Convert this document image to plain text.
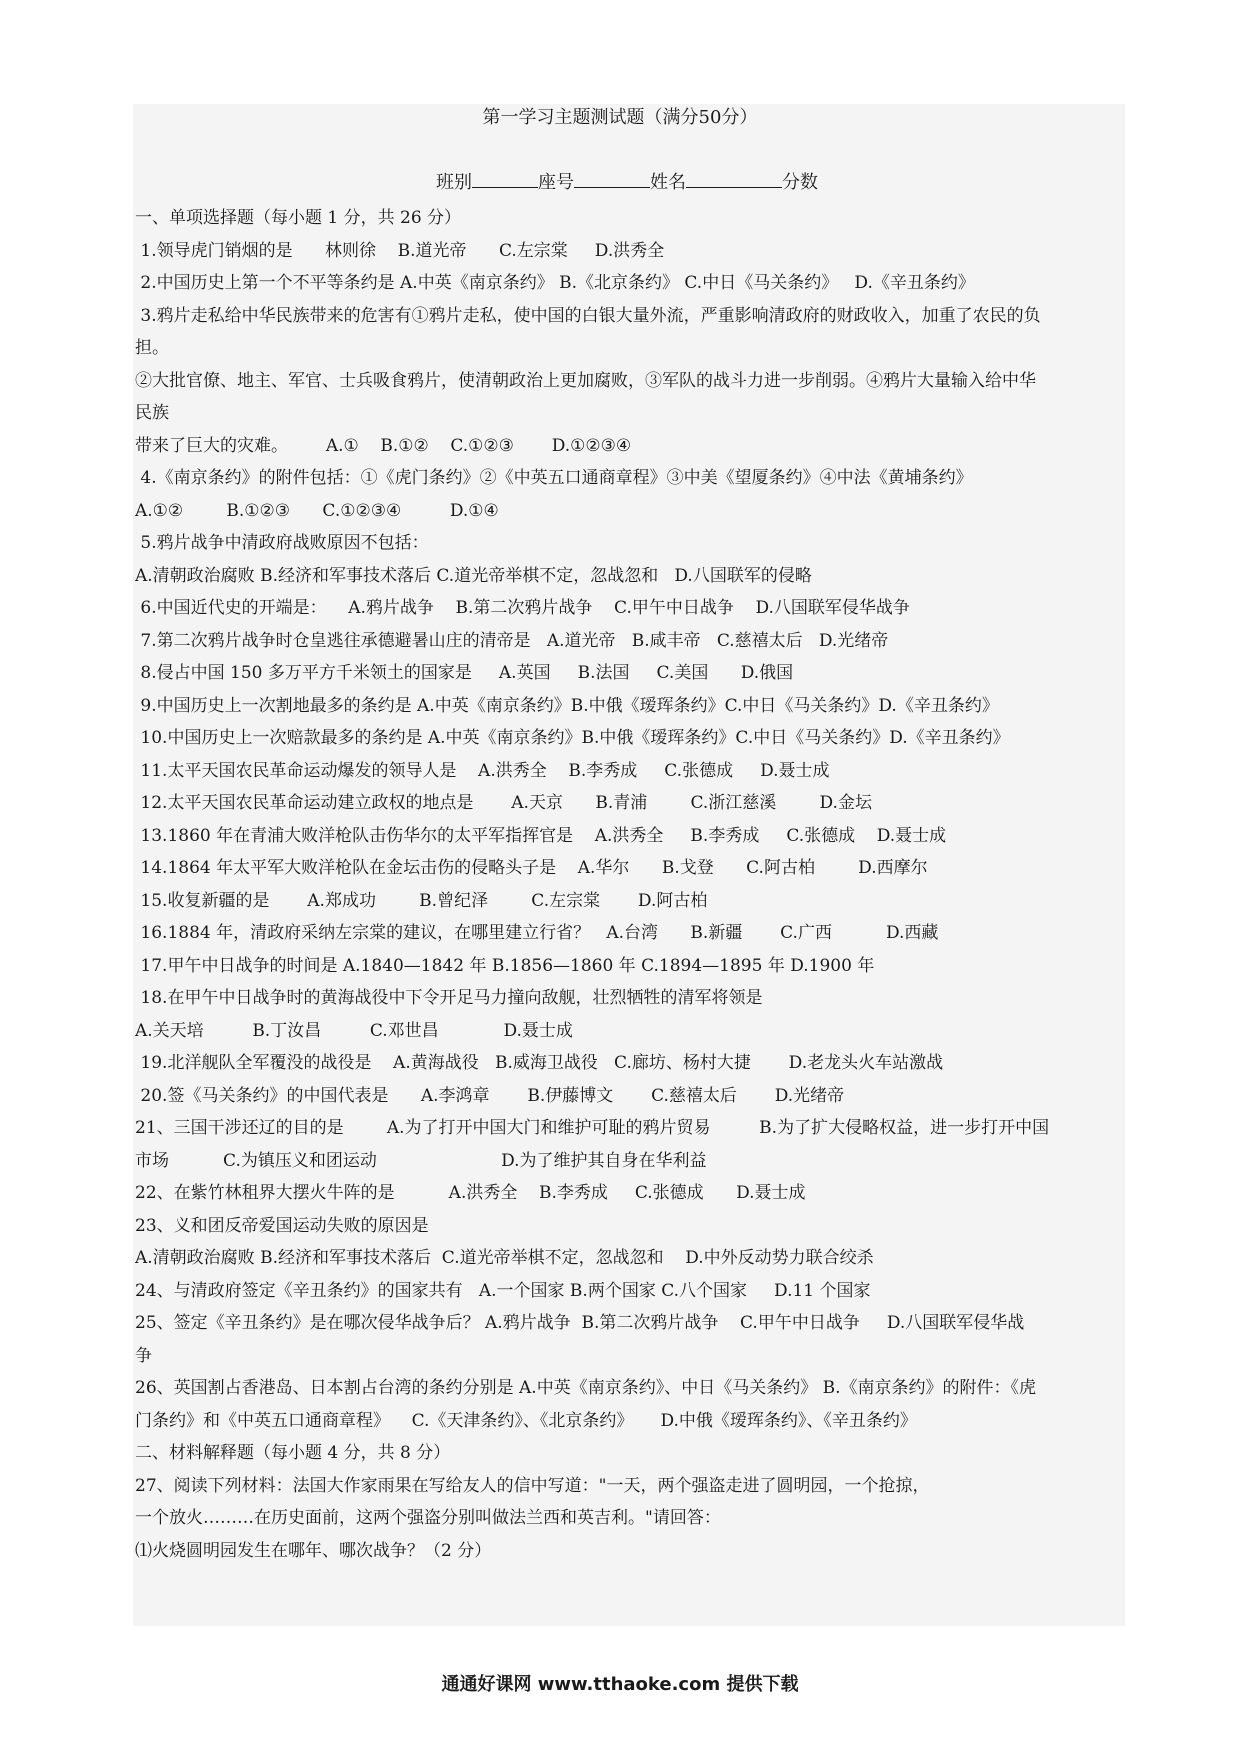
第一学习主题测试题（满分50分）
班别	座号	姓名	分数
一、单项选择题（每小题 1 分，共 26 分）
1.领导虎门销烟的是      林则徐    B.道光帝      C.左宗棠     D.洪秀全
2.中国历史上第一个不平等条约是 A.中英《南京条约》 B.《北京条约》 C.中日《马关条约》   D.《辛丑条约》
3.鸦片走私给中华民族带来的危害有①鸦片走私，使中国的白银大量外流，严重影响清政府的财政收入，加重了农民的负
担。
②大批官僚、地主、军官、士兵吸食鸦片，使清朝政治上更加腐败，③军队的战斗力进一步削弱。④鸦片大量输入给中华
民族
带来了巨大的灾难。       A.①    B.①②    C.①②③       D.①②③④
4.《南京条约》的附件包括：①《虎门条约》②《中英五口通商章程》③中美《望厦条约》④中法《黄埔条约》
A.①②        B.①②③      C.①②③④         D.①④
5.鸦片战争中清政府战败原因不包括：
A.清朝政治腐败 B.经济和军事技术落后 C.道光帝举棋不定，忽战忽和   D.八国联军的侵略
6.中国近代史的开端是：    A.鸦片战争    B.第二次鸦片战争    C.甲午中日战争    D.八国联军侵华战争
7.第二次鸦片战争时仓皇逃往承德避暑山庄的清帝是   A.道光帝   B.咸丰帝   C.慈禧太后   D.光绪帝
8.侵占中国 150 多万平方千米领土的国家是     A.英国     B.法国     C.美国      D.俄国
9.中国历史上一次割地最多的条约是 A.中英《南京条约》B.中俄《瑷珲条约》C.中日《马关条约》D.《辛丑条约》
10.中国历史上一次赔款最多的条约是 A.中英《南京条约》B.中俄《瑷珲条约》C.中日《马关条约》D.《辛丑条约》
11.太平天国农民革命运动爆发的领导人是    A.洪秀全    B.李秀成     C.张德成     D.聂士成
12.太平天国农民革命运动建立政权的地点是       A.天京      B.青浦        C.浙江慈溪        D.金坛
13.1860 年在青浦大败洋枪队击伤华尔的太平军指挥官是    A.洪秀全     B.李秀成     C.张德成    D.聂士成
14.1864 年太平军大败洋枪队在金坛击伤的侵略头子是    A.华尔      B.戈登      C.阿古柏        D.西摩尔
15.收复新疆的是       A.郑成功        B.曾纪泽        C.左宗棠       D.阿古柏
16.1884 年，清政府采纳左宗棠的建议，在哪里建立行省？   A.台湾      B.新疆       C.广西          D.西藏
17.甲午中日战争的时间是 A.1840—1842 年 B.1856—1860 年 C.1894—1895 年 D.1900 年
18.在甲午中日战争时的黄海战役中下令开足马力撞向敌舰，壮烈牺牲的清军将领是
A.关天培         B.丁汝昌         C.邓世昌            D.聂士成
19.北洋舰队全军覆没的战役是    A.黄海战役   B.威海卫战役   C.廊坊、杨村大捷       D.老龙头火车站激战
20.签《马关条约》的中国代表是      A.李鸿章       B.伊藤博文       C.慈禧太后       D.光绪帝
21、三国干涉还辽的目的是        A.为了打开中国大门和维护可耻的鸦片贸易         B.为了扩大侵略权益，进一步打开中国
市场          C.为镇压义和团运动                       D.为了维护其自身在华利益
22、在紫竹林租界大摆火牛阵的是          A.洪秀全    B.李秀成     C.张德成      D.聂士成
23、义和团反帝爱国运动失败的原因是
A.清朝政治腐败 B.经济和军事技术落后  C.道光帝举棋不定，忽战忽和    D.中外反动势力联合绞杀
24、与清政府签定《辛丑条约》的国家共有   A.一个国家 B.两个国家 C.八个国家     D.11 个国家
25、签定《辛丑条约》是在哪次侵华战争后？ A.鸦片战争  B.第二次鸦片战争    C.甲午中日战争     D.八国联军侵华战
争
26、英国割占香港岛、日本割占台湾的条约分别是 A.中英《南京条约》、中日《马关条约》 B.《南京条约》的附件：《虎
门条约》和《中英五口通商章程》    C.《天津条约》、《北京条约》     D.中俄《瑷珲条约》、《辛丑条约》
二、材料解释题（每小题 4 分，共 8 分）
27、阅读下列材料：法国大作家雨果在写给友人的信中写道："一天，两个强盗走进了圆明园，一个抢掠，
一个放火………在历史面前，这两个强盗分别叫做法兰西和英吉利。"请回答：
⑴火烧圆明园发生在哪年、哪次战争？（2 分）
通通好课网 www.tthaoke.com 提供下载
